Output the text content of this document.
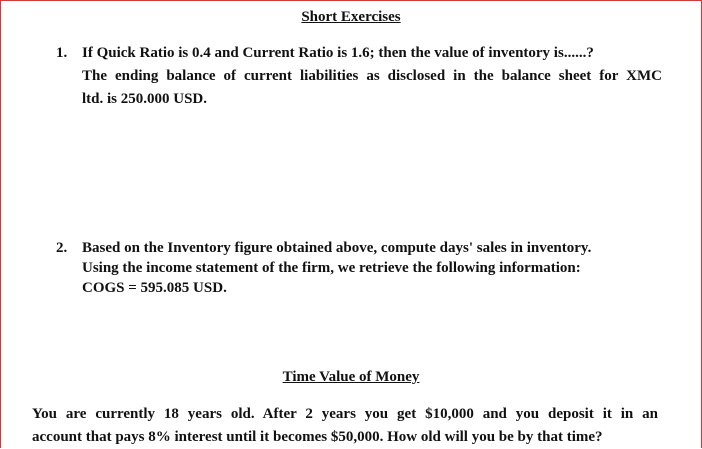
Short Exercises
1. If Quick Ratio is 0.4 and Current Ratio is 1.6; then the value of inventory is......?
The ending balance of current liabilities as disclosed in the balance sheet for XMC
ltd. is 250.000 USD.
2. Based on the Inventory figure obtained above, compute days' sales in inventory.
Using the income statement of the firm, we retrieve the following information:
COGS = 595.085 USD.
Time Value of Money
You are currently 18 years old. After 2 years you get $10,000 and you deposit it in an
account that pays 8% interest until it becomes $50,000. How old will you be by that time?
